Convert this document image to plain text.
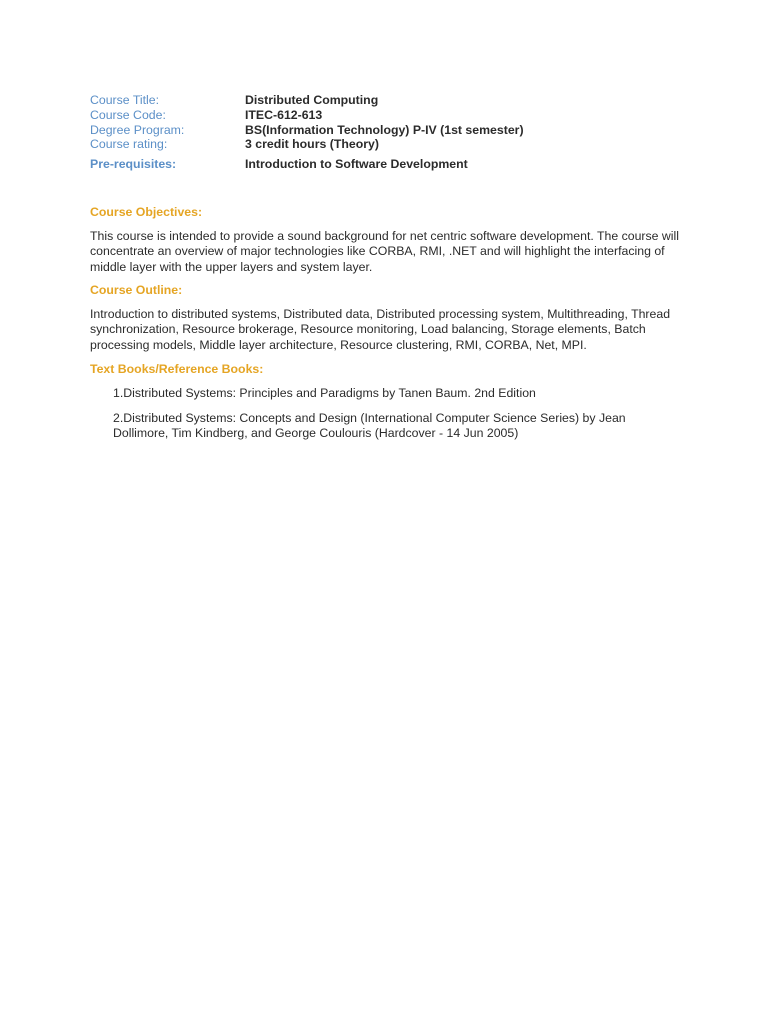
Course Title:	Distributed Computing
Course Code:	ITEC-612-613
Degree Program:	BS(Information Technology) P-IV (1st semester)
Course rating:	3 credit hours (Theory)
Pre-requisites:	Introduction to Software Development
Course Objectives:
This course is intended to provide a sound background for net centric software development. The course will concentrate an overview of major technologies like CORBA, RMI, .NET and will highlight the interfacing of middle layer with the upper layers and system layer.
Course Outline:
Introduction to distributed systems, Distributed data, Distributed processing system, Multithreading, Thread synchronization, Resource brokerage, Resource monitoring, Load balancing, Storage elements, Batch processing models, Middle layer architecture, Resource clustering, RMI, CORBA, Net, MPI.
Text Books/Reference Books:
1.Distributed Systems: Principles and Paradigms by Tanen Baum. 2nd Edition
2.Distributed Systems: Concepts and Design (International Computer Science Series) by Jean Dollimore, Tim Kindberg, and George Coulouris (Hardcover - 14 Jun 2005)
